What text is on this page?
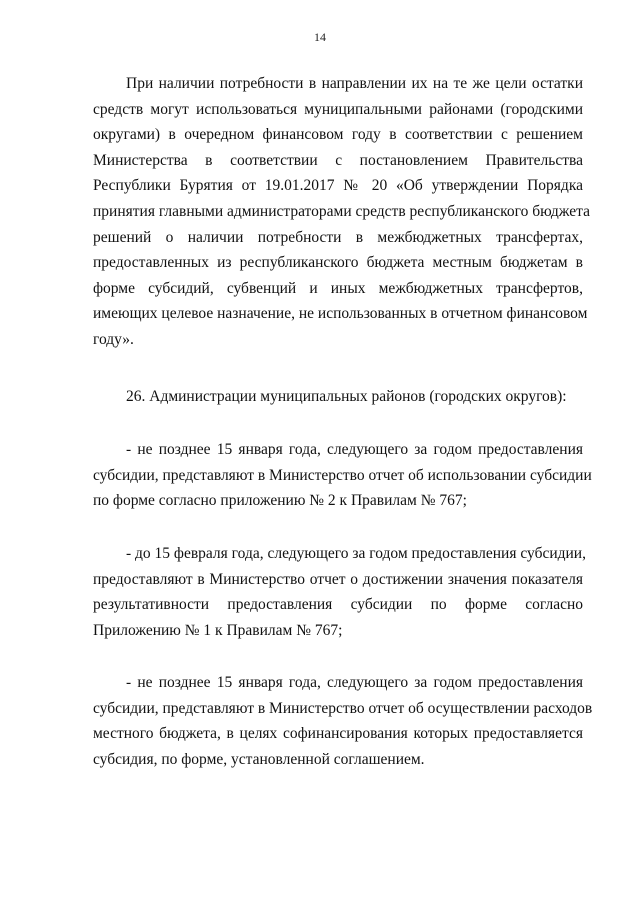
14
При наличии потребности в направлении их на те же цели остатки
средств могут использоваться муниципальными районами (городскими
округами) в очередном финансовом году в соответствии с решением
Министерства в соответствии с постановлением Правительства
Республики Бурятия от 19.01.2017 № 20 «Об утверждении Порядка
принятия главными администраторами средств республиканского бюджета
решений о наличии потребности в межбюджетных трансфертах,
предоставленных из республиканского бюджета местным бюджетам в
форме субсидий, субвенций и иных межбюджетных трансфертов,
имеющих целевое назначение, не использованных в отчетном финансовом
году».
26. Администрации муниципальных районов (городских округов):
- не позднее 15 января года, следующего за годом предоставления
субсидии, представляют в Министерство отчет об использовании субсидии
по форме согласно приложению № 2 к Правилам № 767;
- до 15 февраля года, следующего за годом предоставления субсидии,
предоставляют в Министерство отчет о достижении значения показателя
результативности предоставления субсидии по форме согласно
Приложению № 1 к Правилам № 767;
- не позднее 15 января года, следующего за годом предоставления
субсидии, представляют в Министерство отчет об осуществлении расходов
местного бюджета, в целях софинансирования которых предоставляется
субсидия, по форме, установленной соглашением.
